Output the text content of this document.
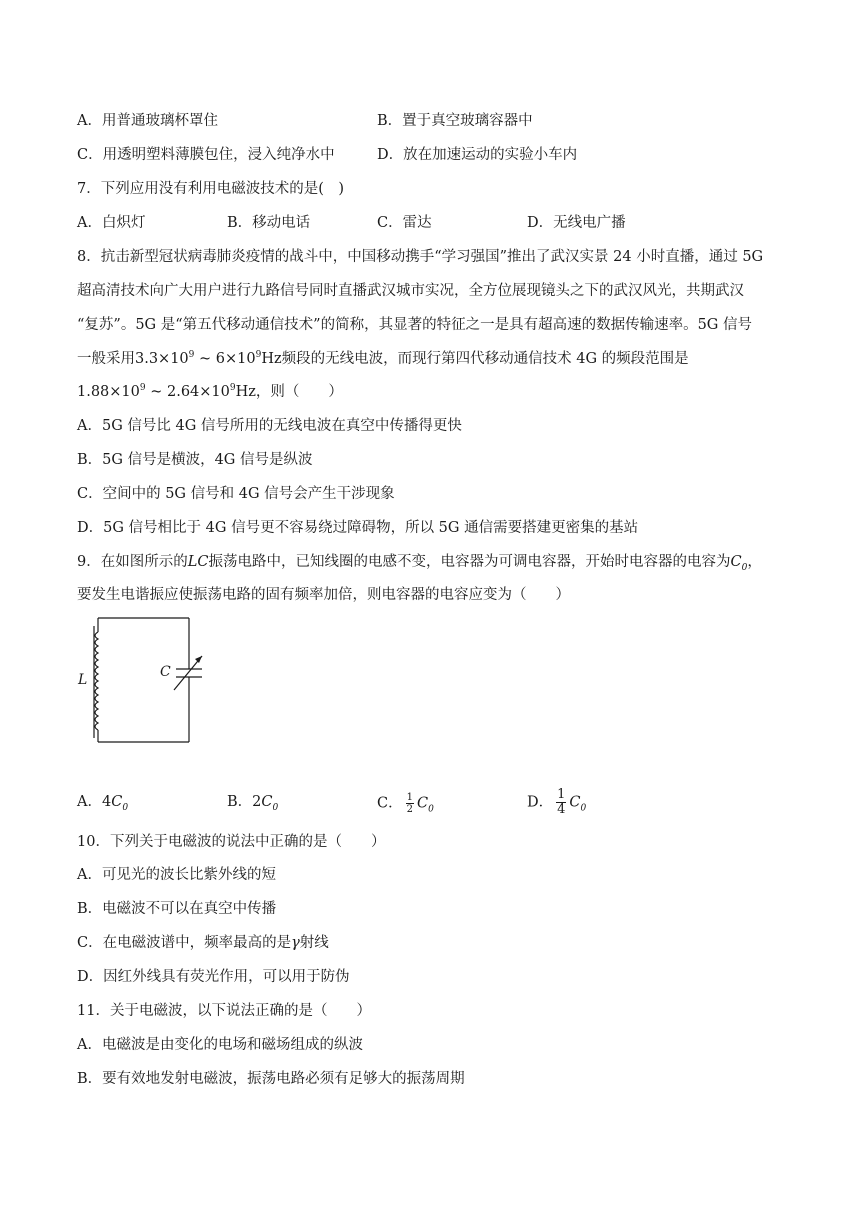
A．用普通玻璃杯罩住	B．置于真空玻璃容器中
C．用透明塑料薄膜包住，浸入纯净水中	D．放在加速运动的实验小车内
7．下列应用没有利用电磁波技术的是(　)
A．白炽灯	B．移动电话	C．雷达	D．无线电广播
8．抗击新型冠状病毒肺炎疫情的战斗中，中国移动携手“学习强国”推出了武汉实景 24 小时直播，通过 5G
超高清技术向广大用户进行九路信号同时直播武汉城市实况，全方位展现镜头之下的武汉风光，共期武汉
“复苏”。5G 是“第五代移动通信技术”的简称，其显著的特征之一是具有超高速的数据传输速率。5G 信号
一般采用$3.3\times 10^9$ ~ $6\times 10^9Hz$频段的无线电波，而现行第四代移动通信技术 4G 的频段范围是
$1.88\times 10^9$ ~ $2.64\times 10^9Hz$，则（　　）
A．5G 信号比 4G 信号所用的无线电波在真空中传播得更快
B．5G 信号是横波，4G 信号是纵波
C．空间中的 5G 信号和 4G 信号会产生干涉现象
D．5G 信号相比于 4G 信号更不容易绕过障碍物，所以 5G 通信需要搭建更密集的基站
9．在如图所示的LC振荡电路中，已知线圈的电感不变，电容器为可调电容器，开始时电容器的电容为$C_0$，
要发生电谐振应使振荡电路的固有频率加倍，则电容器的电容应变为（　　）
L	C
A．$4C_0$	B．$2C_0$	C． $\frac{1}{2} C_0$	D． $\frac{1}{4} C_0$
10．下列关于电磁波的说法中正确的是（　　）
A．可见光的波长比紫外线的短
B．电磁波不可以在真空中传播
C．在电磁波谱中，频率最高的是γ射线
D．因红外线具有荧光作用，可以用于防伪
11．关于电磁波，以下说法正确的是（　　）
A．电磁波是由变化的电场和磁场组成的纵波
B．要有效地发射电磁波，振荡电路必须有足够大的振荡周期
